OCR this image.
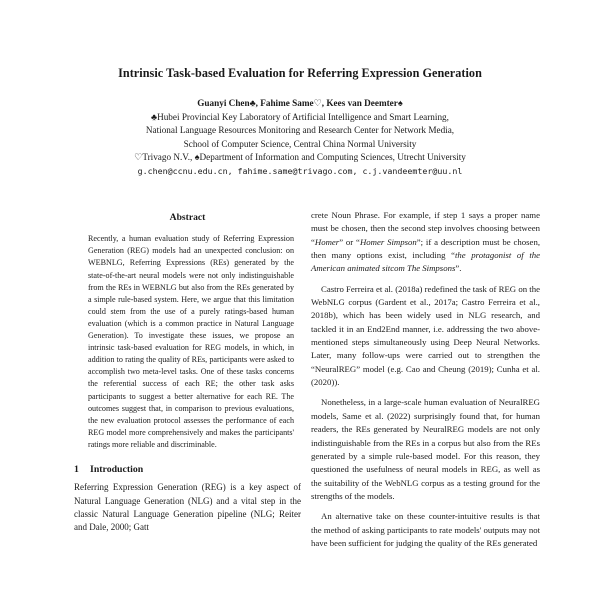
Intrinsic Task-based Evaluation for Referring Expression Generation
Guanyi Chen♣, Fahime Same♡, Kees van Deemter♠
♣Hubei Provincial Key Laboratory of Artificial Intelligence and Smart Learning,
National Language Resources Monitoring and Research Center for Network Media,
School of Computer Science, Central China Normal University
♡Trivago N.V., ♠Department of Information and Computing Sciences, Utrecht University
g.chen@ccnu.edu.cn, fahime.same@trivago.com, c.j.vandeemter@uu.nl
Abstract

Recently, a human evaluation study of Referring Expression Generation (REG) models had an unexpected conclusion: on WEBNLG, Referring Expressions (REs) generated by the state-of-the-art neural models were not only indistinguishable from the REs in WEBNLG but also from the REs generated by a simple rule-based system. Here, we argue that this limitation could stem from the use of a purely ratings-based human evaluation (which is a common practice in Natural Language Generation). To investigate these issues, we propose an intrinsic task-based evaluation for REG models, in which, in addition to rating the quality of REs, participants were asked to accomplish two meta-level tasks. One of these tasks concerns the referential success of each RE; the other task asks participants to suggest a better alternative for each RE. The outcomes suggest that, in comparison to previous evaluations, the new evaluation protocol assesses the performance of each REG model more comprehensively and makes the participants' ratings more reliable and discriminable.

1 Introduction

Referring Expression Generation (REG) is a key aspect of Natural Language Generation (NLG) and a vital step in the classic Natural Language Generation pipeline (NLG; Reiter and Dale, 2000; Gatt

crete Noun Phrase. For example, if step 1 says a proper name must be chosen, then the second step involves choosing between “Homer” or “Homer Simpson”; if a description must be chosen, then many options exist, including “the protagonist of the American animated sitcom The Simpsons”.

Castro Ferreira et al. (2018a) redefined the task of REG on the WebNLG corpus (Gardent et al., 2017a; Castro Ferreira et al., 2018b), which has been widely used in NLG research, and tackled it in an End2End manner, i.e. addressing the two above-mentioned steps simultaneously using Deep Neural Networks. Later, many follow-ups were carried out to strengthen the “NeuralREG” model (e.g. Cao and Cheung (2019); Cunha et al. (2020)).

Nonetheless, in a large-scale human evaluation of NeuralREG models, Same et al. (2022) surprisingly found that, for human readers, the REs generated by NeuralREG models are not only indistinguishable from the REs in a corpus but also from the REs generated by a simple rule-based model. For this reason, they questioned the usefulness of neural models in REG, as well as the suitability of the WebNLG corpus as a testing ground for the strengths of the models.

An alternative take on these counter-intuitive results is that the method of asking participants to rate models' outputs may not have been sufficient for judging the quality of the REs generated
